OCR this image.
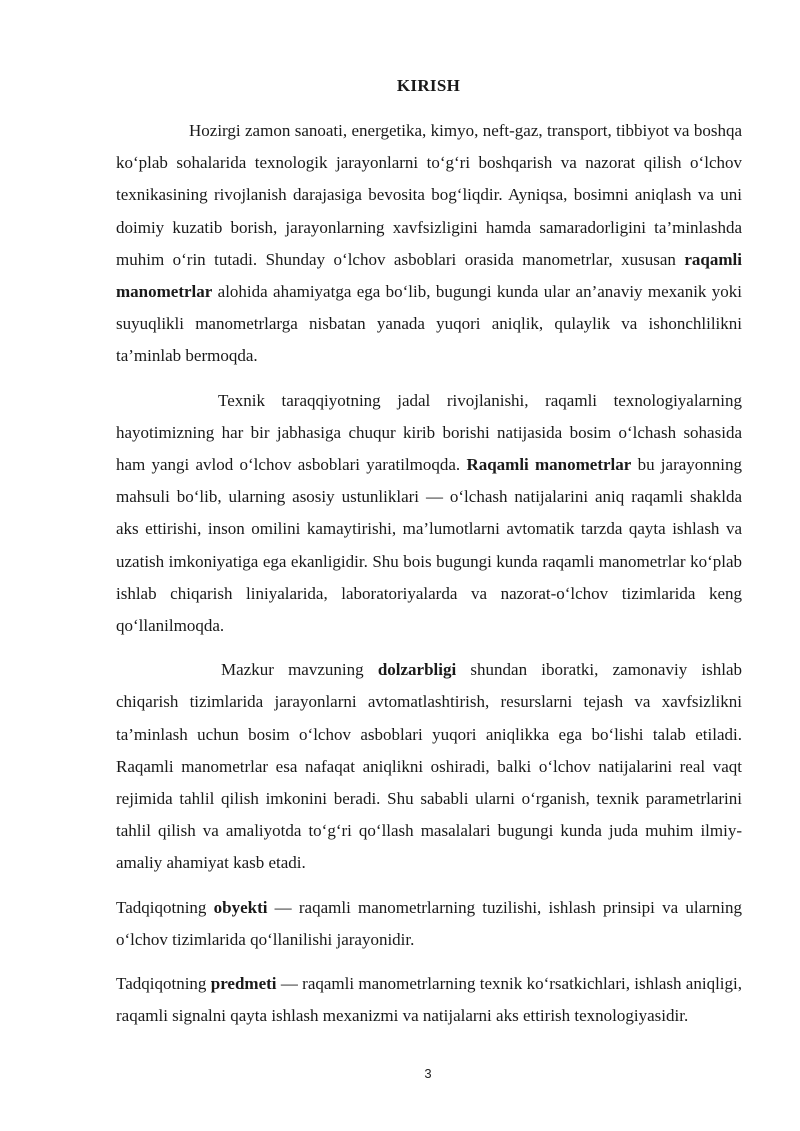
KIRISH

Hozirgi zamon sanoati, energetika, kimyo, neft-gaz, transport, tibbiyot va boshqa ko‘plab sohalarida texnologik jarayonlarni to‘g‘ri boshqarish va nazorat qilish o‘lchov texnikasining rivojlanish darajasiga bevosita bog‘liqdir. Ayniqsa, bosimni aniqlash va uni doimiy kuzatib borish, jarayonlarning xavfsizligini hamda samaradorligini ta’minlashda muhim o‘rin tutadi. Shunday o‘lchov asboblari orasida manometrlar, xususan raqamli manometrlar alohida ahamiyatga ega bo‘lib, bugungi kunda ular an’anaviy mexanik yoki suyuqlikli manometrlarga nisbatan yanada yuqori aniqlik, qulaylik va ishonchlilikni ta’minlab bermoqda.

Texnik taraqqiyotning jadal rivojlanishi, raqamli texnologiyalarning hayotimizning har bir jabhasiga chuqur kirib borishi natijasida bosim o‘lchash sohasida ham yangi avlod o‘lchov asboblari yaratilmoqda. Raqamli manometrlar bu jarayonning mahsuli bo‘lib, ularning asosiy ustunliklari — o‘lchash natijalarini aniq raqamli shaklda aks ettirishi, inson omilini kamaytirishi, ma’lumotlarni avtomatik tarzda qayta ishlash va uzatish imkoniyatiga ega ekanligidir. Shu bois bugungi kunda raqamli manometrlar ko‘plab ishlab chiqarish liniyalarida, laboratoriyalarda va nazorat-o‘lchov tizimlarida keng qo‘llanilmoqda.

Mazkur mavzuning dolzarbligi shundan iboratki, zamonaviy ishlab chiqarish tizimlarida jarayonlarni avtomatlashtirish, resurslarni tejash va xavfsizlikni ta’minlash uchun bosim o‘lchov asboblari yuqori aniqlikka ega bo‘lishi talab etiladi. Raqamli manometrlar esa nafaqat aniqlikni oshiradi, balki o‘lchov natijalarini real vaqt rejimida tahlil qilish imkonini beradi. Shu sababli ularni o‘rganish, texnik parametrlarini tahlil qilish va amaliyotda to‘g‘ri qo‘llash masalalari bugungi kunda juda muhim ilmiy-amaliy ahamiyat kasb etadi.

Tadqiqotning obyekti — raqamli manometrlarning tuzilishi, ishlash prinsipi va ularning o‘lchov tizimlarida qo‘llanilishi jarayonidir.

Tadqiqotning predmeti — raqamli manometrlarning texnik ko‘rsatkichlari, ishlash aniqligi, raqamli signalni qayta ishlash mexanizmi va natijalarni aks ettirish texnologiyasidir.

3
